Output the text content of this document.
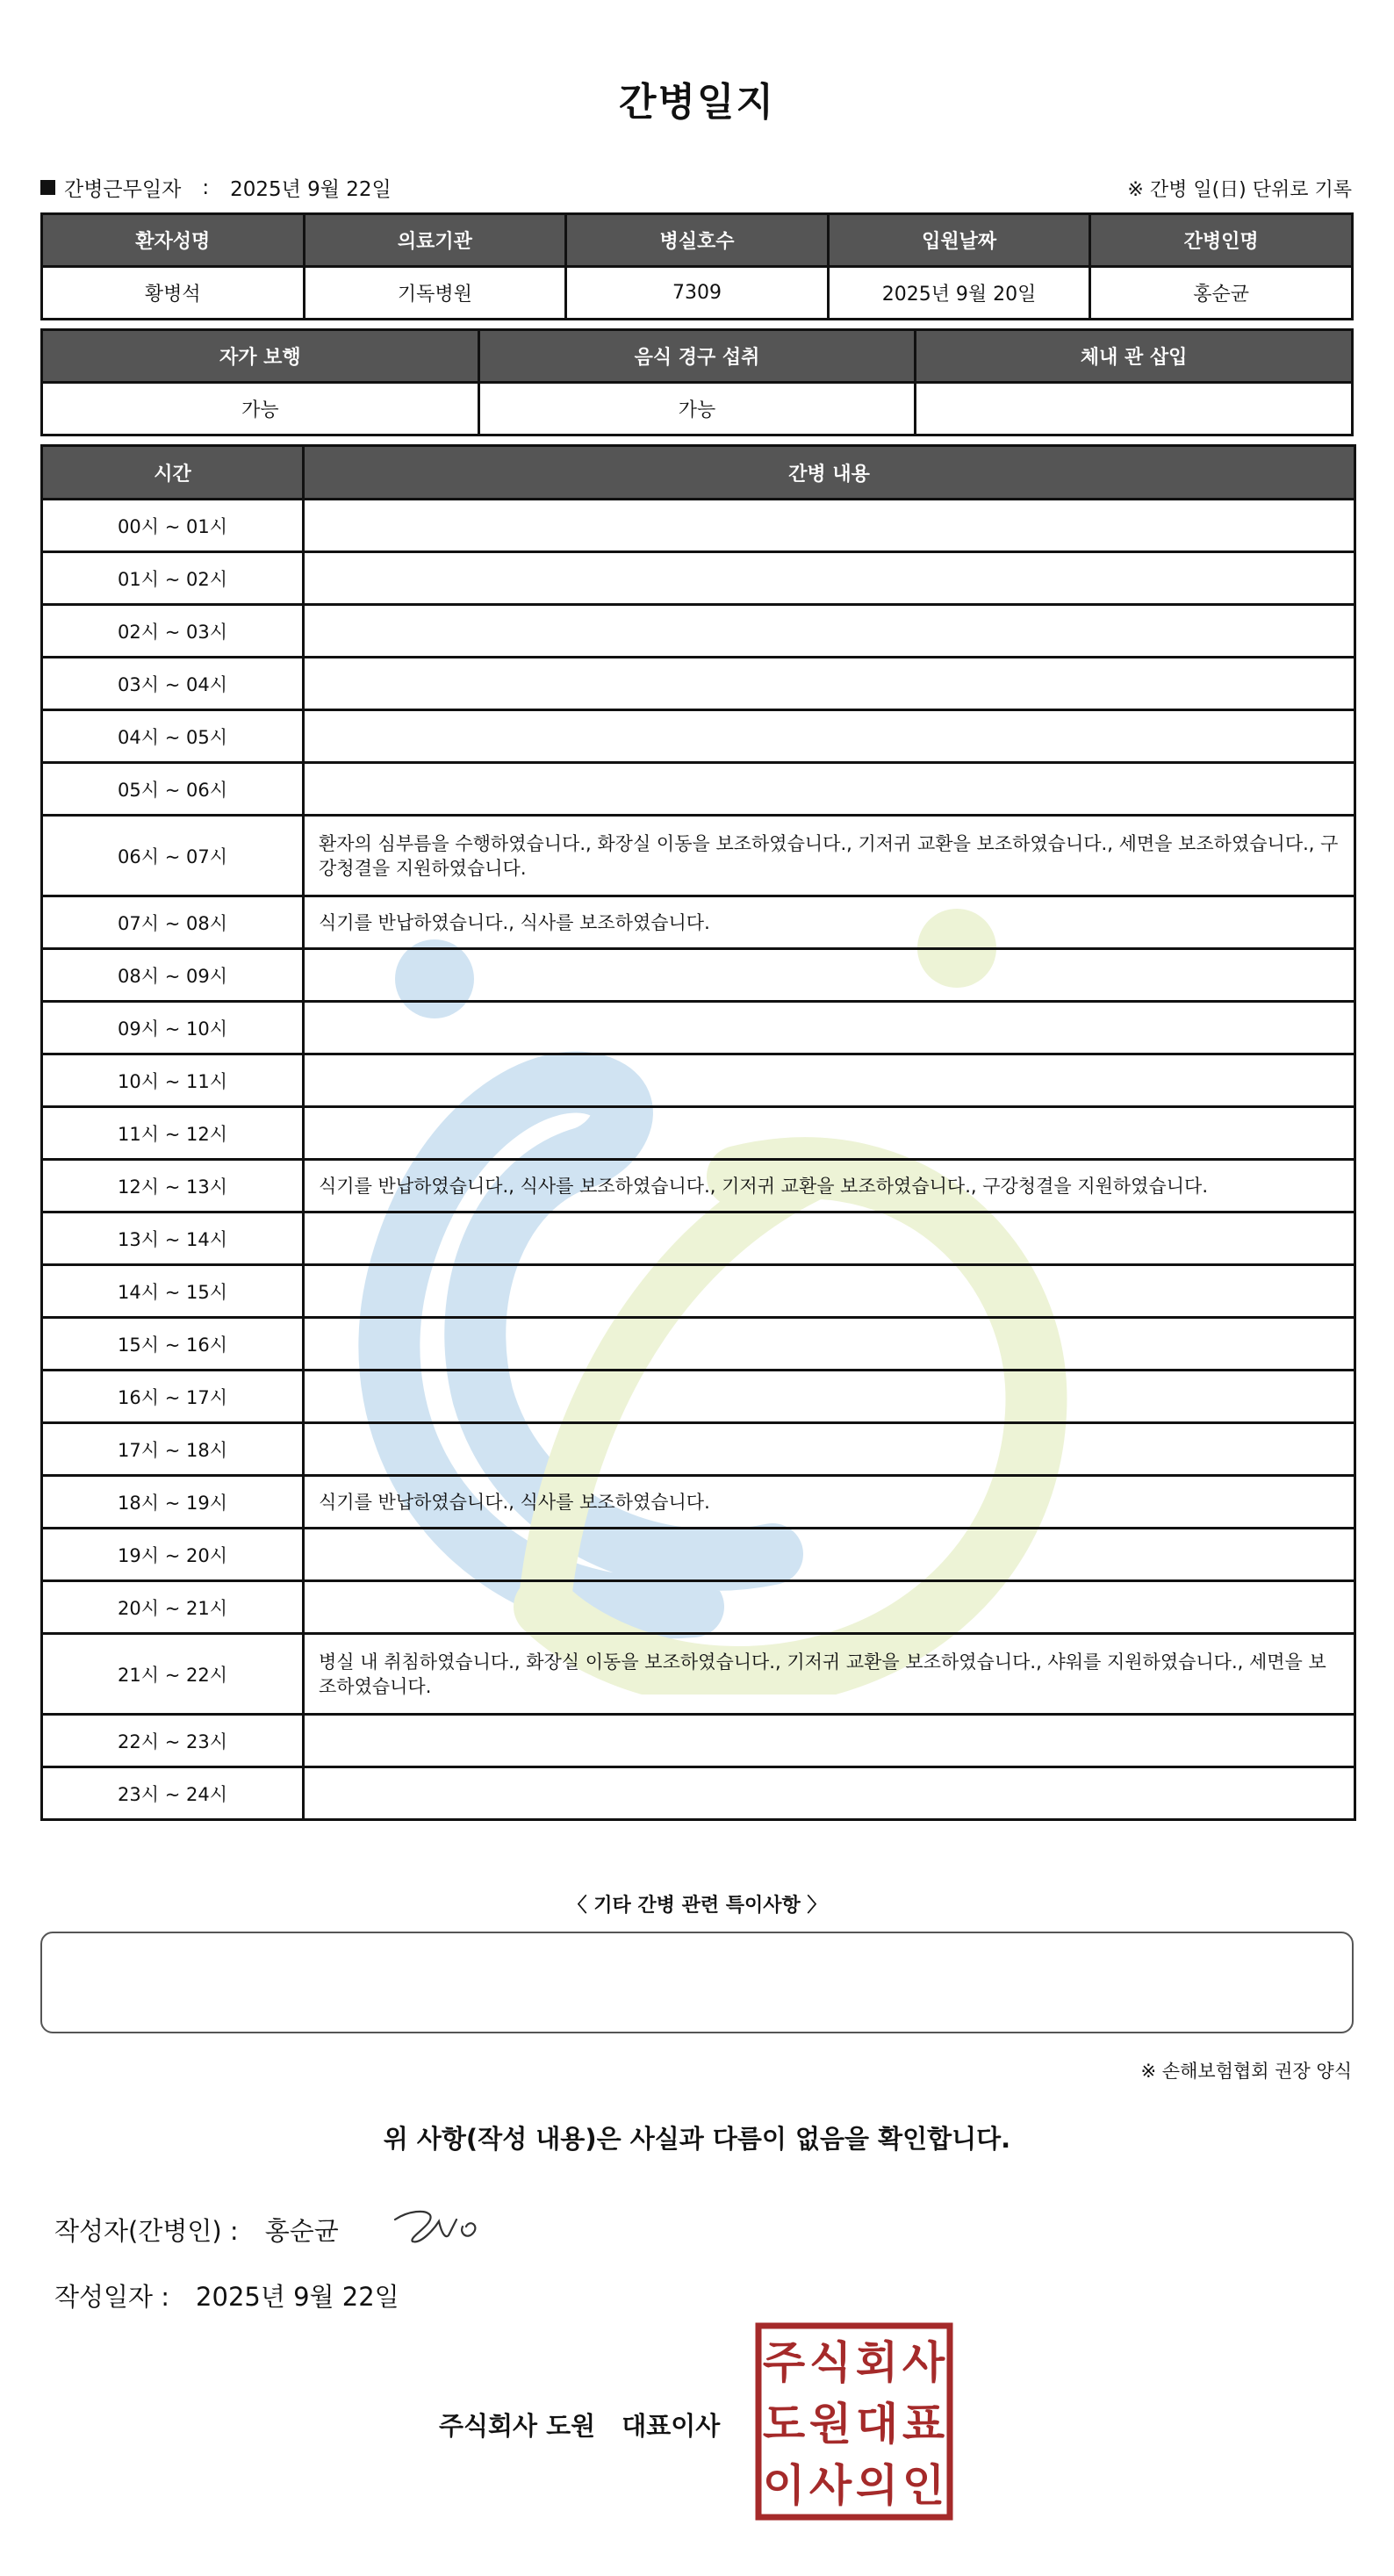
간병일지
간병근무일자 : 2025년 9월 22일	※ 간병 일(日) 단위로 기록
환자성명	의료기관	병실호수	입원날짜	간병인명
황병석	기독병원	7309	2025년 9월 20일	홍순균
자가 보행	음식 경구 섭취	체내 관 삽입
가능	가능	
시간	간병 내용
00시 ~ 01시	
01시 ~ 02시	
02시 ~ 03시	
03시 ~ 04시	
04시 ~ 05시	
05시 ~ 06시	
06시 ~ 07시	환자의 심부름을 수행하였습니다., 화장실 이동을 보조하였습니다., 기저귀 교환을 보조하였습니다., 세면을 보조하였습니다., 구강청결을 지원하였습니다.
07시 ~ 08시	식기를 반납하였습니다., 식사를 보조하였습니다.
08시 ~ 09시	
09시 ~ 10시	
10시 ~ 11시	
11시 ~ 12시	
12시 ~ 13시	식기를 반납하였습니다., 식사를 보조하였습니다., 기저귀 교환을 보조하였습니다., 구강청결을 지원하였습니다.
13시 ~ 14시	
14시 ~ 15시	
15시 ~ 16시	
16시 ~ 17시	
17시 ~ 18시	
18시 ~ 19시	식기를 반납하였습니다., 식사를 보조하였습니다.
19시 ~ 20시	
20시 ~ 21시	
21시 ~ 22시	병실 내 취침하였습니다., 화장실 이동을 보조하였습니다., 기저귀 교환을 보조하였습니다., 샤워를 지원하였습니다., 세면을 보조하였습니다.
22시 ~ 23시	
23시 ~ 24시	
〈 기타 간병 관련 특이사항 〉
※ 손해보험협회 권장 양식
위 사항(작성 내용)은 사실과 다름이 없음을 확인합니다.
작성자(간병인) : 홍순균
작성일자 : 2025년 9월 22일
주식회사 도원 대표이사
주 식 회 사
도 원 대 표
이 사 의 인
